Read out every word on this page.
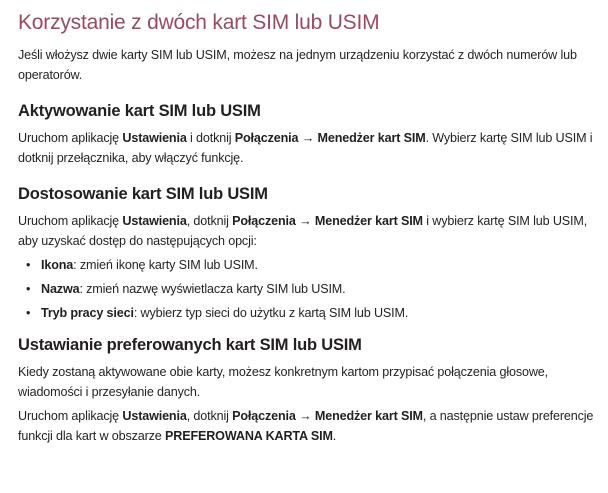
Korzystanie z dwóch kart SIM lub USIM

Jeśli włożysz dwie karty SIM lub USIM, możesz na jednym urządzeniu korzystać z dwóch numerów lub operatorów.

Aktywowanie kart SIM lub USIM

Uruchom aplikację Ustawienia i dotknij Połączenia → Menedżer kart SIM. Wybierz kartę SIM lub USIM i dotknij przełącznika, aby włączyć funkcję.

Dostosowanie kart SIM lub USIM

Uruchom aplikację Ustawienia, dotknij Połączenia → Menedżer kart SIM i wybierz kartę SIM lub USIM, aby uzyskać dostęp do następujących opcji:

• Ikona: zmień ikonę karty SIM lub USIM.
• Nazwa: zmień nazwę wyświetlacza karty SIM lub USIM.
• Tryb pracy sieci: wybierz typ sieci do użytku z kartą SIM lub USIM.
Ustawianie preferowanych kart SIM lub USIM

Kiedy zostaną aktywowane obie karty, możesz konkretnym kartom przypisać połączenia głosowe, wiadomości i przesyłanie danych.

Uruchom aplikację Ustawienia, dotknij Połączenia → Menedżer kart SIM, a następnie ustaw preferencje funkcji dla kart w obszarze PREFEROWANA KARTA SIM.
